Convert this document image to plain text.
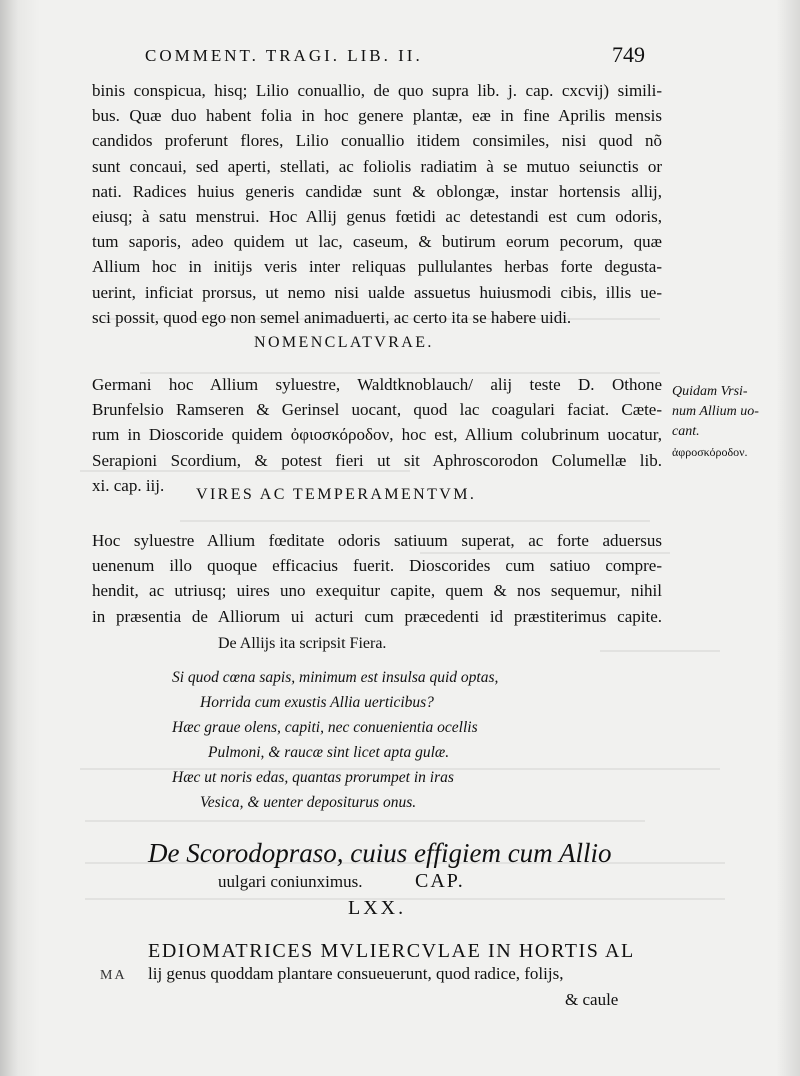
COMMENT. TRAGI. LIB. II.	749
binis conspicua, hisq; Lilio conuallio, de quo supra lib. j. cap. cxcvij) simili-
bus. Quæ duo habent folia in hoc genere plantæ, eæ in fine Aprilis mensis
candidos proferunt flores, Lilio conuallio itidem consimiles, nisi quod nõ
sunt concaui, sed aperti, stellati, ac foliolis radiatim à se mutuo seiunctis or
nati. Radices huius generis candidæ sunt & oblongæ, instar hortensis allij,
eiusq; à satu menstrui. Hoc Allij genus fœtidi ac detestandi est cum odoris,
tum saporis, adeo quidem ut lac, caseum, & butirum eorum pecorum, quæ
Allium hoc in initijs veris inter reliquas pullulantes herbas forte degusta-
uerint, inficiat prorsus, ut nemo nisi ualde assuetus huiusmodi cibis, illis ue-
sci possit, quod ego non semel animaduerti, ac certo ita se habere uidi.
NOMENCLATVRAE.
Germani hoc Allium syluestre, Waldtknoblauch/ alij teste D. Othone
Brunfelsio Ramseren & Gerinsel uocant, quod lac coagulari faciat. Cæte-
rum in Dioscoride quidem ὀφιοσκόροδον, hoc est, Allium colubrinum uocatur,
Serapioni Scordium, & potest fieri ut sit Aphroscorodon Columellæ lib.
xi. cap. iij.
Quidam Vrsi-
num Allium uo-
cant.
ἀφροσκόροδον.
VIRES AC TEMPERAMENTVM.
Hoc syluestre Allium fœditate odoris satiuum superat, ac forte aduersus
uenenum illo quoque efficacius fuerit. Dioscorides cum satiuo compre-
hendit, ac utriusq; uires uno exequitur capite, quem & nos sequemur, nihil
in præsentia de Alliorum ui acturi cum præcedenti id præstiterimus capite.
De Allijs ita scripsit Fiera.
Si quod cœna sapis, minimum est insulsa quid optas,
Horrida cum exustis Allia uerticibus?
Hæc graue olens, capiti, nec conuenientia ocellis
Pulmoni, & raucæ sint licet apta gulæ.
Hæc ut noris edas, quantas prorumpet in iras
Vesica, & uenter depositurus onus.
De Scorodopraso, cuius effigiem cum Allio
uulgari coniunximus.	CAP.
LXX.
EDIOMATRICES MVLIERCVLAE IN HORTIS AL
MA lij genus quoddam plantare consueuerunt, quod radice, folijs,
& caule
